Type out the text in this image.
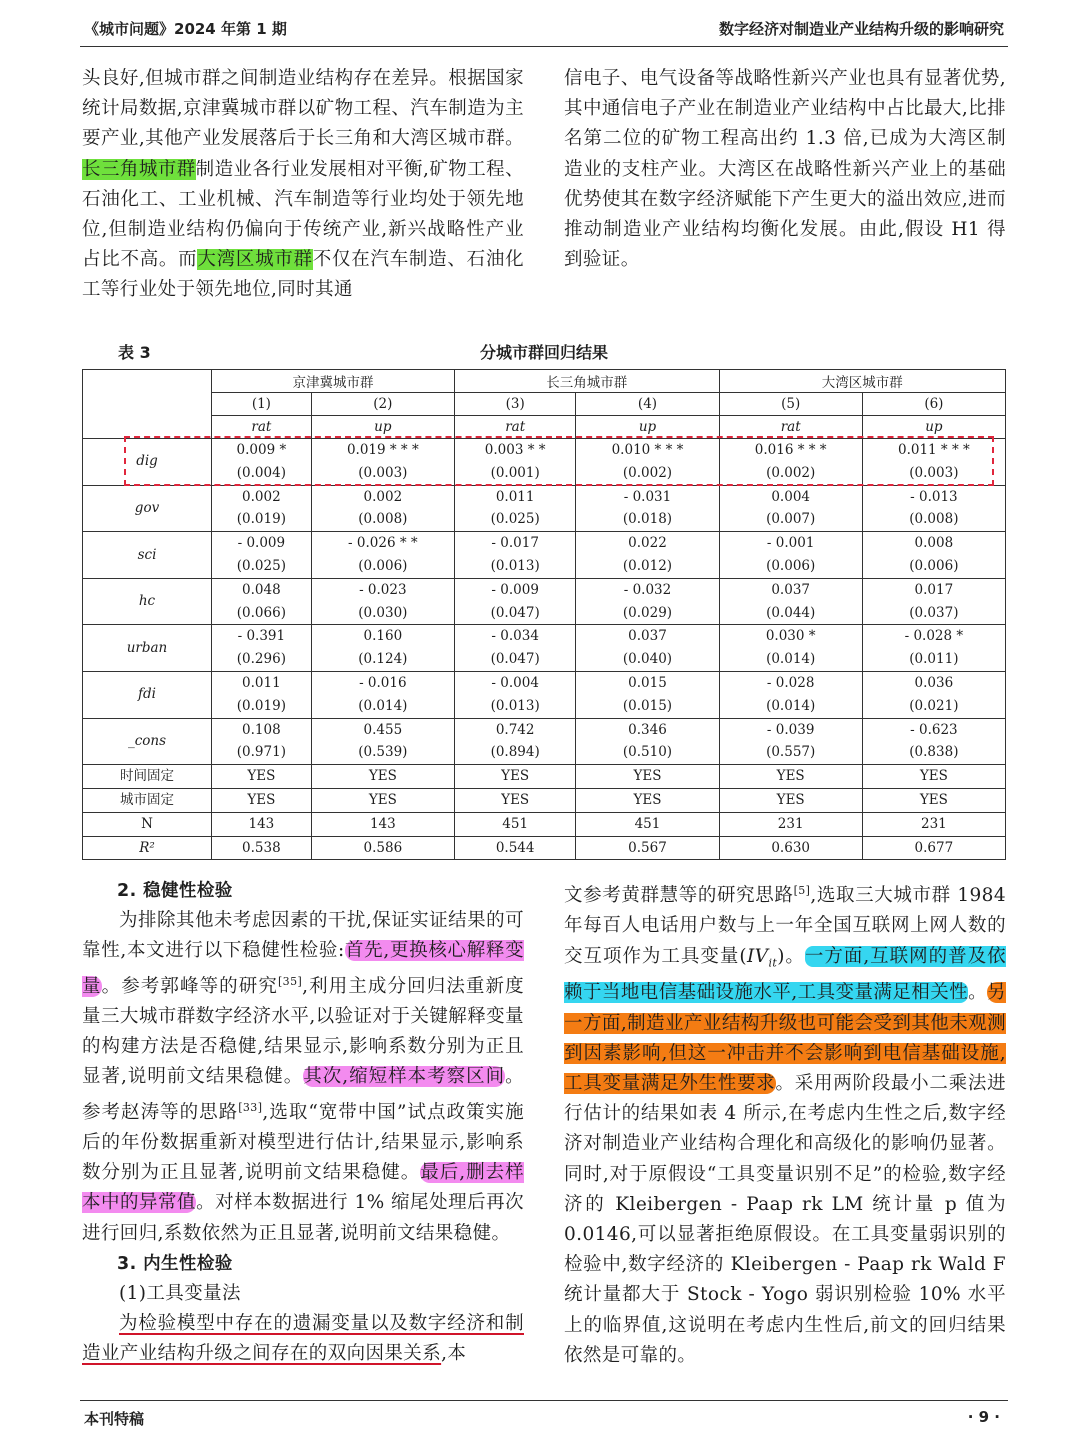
《城市问题》2024 年第 1 期	数字经济对制造业产业结构升级的影响研究

头良好,但城市群之间制造业结构存在差异。根据国家统计局数据,京津冀城市群以矿物工程、汽车制造为主要产业,其他产业发展落后于长三角和大湾区城市群。长三角城市群制造业各行业发展相对平衡,矿物工程、石油化工、工业机械、汽车制造等行业均处于领先地位,但制造业结构仍偏向于传统产业,新兴战略性产业占比不高。而大湾区城市群不仅在汽车制造、石油化工等行业处于领先地位,同时其通

信电子、电气设备等战略性新兴产业也具有显著优势,其中通信电子产业在制造业产业结构中占比最大,比排名第二位的矿物工程高出约 1.3 倍,已成为大湾区制造业的支柱产业。大湾区在战略性新兴产业上的基础优势使其在数字经济赋能下产生更大的溢出效应,进而推动制造业产业结构均衡化发展。由此,假设 H1 得到验证。

表 3	分城市群回归结果
	京津冀城市群		长三角城市群		大湾区城市群	
	(1)	(2)	(3)	(4)	(5)	(6)
	rat	up	rat	up	rat	up
dig	0.009 *	0.019 * * *	0.003 * *	0.010 * * *	0.016 * * *	0.011 * * *
	(0.004)	(0.003)	(0.001)	(0.002)	(0.002)	(0.003)
gov	0.002	0.002	0.011	- 0.031	0.004	- 0.013
	(0.019)	(0.008)	(0.025)	(0.018)	(0.007)	(0.008)
sci	- 0.009	- 0.026 * *	- 0.017	0.022	- 0.001	0.008
	(0.025)	(0.006)	(0.013)	(0.012)	(0.006)	(0.006)
hc	0.048	- 0.023	- 0.009	- 0.032	0.037	0.017
	(0.066)	(0.030)	(0.047)	(0.029)	(0.044)	(0.037)
urban	- 0.391	0.160	- 0.034	0.037	0.030 *	- 0.028 *
	(0.296)	(0.124)	(0.047)	(0.040)	(0.014)	(0.011)
fdi	0.011	- 0.016	- 0.004	0.015	- 0.028	0.036
	(0.019)	(0.014)	(0.013)	(0.015)	(0.014)	(0.021)
_cons	0.108	0.455	0.742	0.346	- 0.039	- 0.623
	(0.971)	(0.539)	(0.894)	(0.510)	(0.557)	(0.838)
时间固定	YES	YES	YES	YES	YES	YES
城市固定	YES	YES	YES	YES	YES	YES
N	143	143	451	451	231	231
R²	0.538	0.586	0.544	0.567	0.630	0.677

2. 稳健性检验

为排除其他未考虑因素的干扰,保证实证结果的可靠性,本文进行以下稳健性检验:首先,更换核心解释变量。参考郭峰等的研究[35],利用主成分回归法重新度量三大城市群数字经济水平,以验证对于关键解释变量的构建方法是否稳健,结果显示,影响系数分别为正且显著,说明前文结果稳健。其次,缩短样本考察区间。参考赵涛等的思路[33],选取“宽带中国”试点政策实施后的年份数据重新对模型进行估计,结果显示,影响系数分别为正且显著,说明前文结果稳健。最后,删去样本中的异常值。对样本数据进行 1% 缩尾处理后再次进行回归,系数依然为正且显著,说明前文结果稳健。

3. 内生性检验

(1)工具变量法

为检验模型中存在的遗漏变量以及数字经济和制造业产业结构升级之间存在的双向因果关系,本

文参考黄群慧等的研究思路[5],选取三大城市群 1984 年每百人电话用户数与上一年全国互联网上网人数的交互项作为工具变量$(IV_{it})$。一方面,互联网的普及依赖于当地电信基础设施水平,工具变量满足相关性。另一方面,制造业产业结构升级也可能会受到其他未观测到因素影响,但这一冲击并不会影响到电信基础设施,工具变量满足外生性要求。采用两阶段最小二乘法进行估计的结果如表 4 所示,在考虑内生性之后,数字经济对制造业产业结构合理化和高级化的影响仍显著。同时,对于原假设“工具变量识别不足”的检验,数字经济的 Kleibergen - Paap rk LM 统计量 p 值为 0.0146,可以显著拒绝原假设。在工具变量弱识别的检验中,数字经济的 Kleibergen - Paap rk Wald F 统计量都大于 Stock - Yogo 弱识别检验 10% 水平上的临界值,这说明在考虑内生性后,前文的回归结果依然是可靠的。

本刊特稿	· 9 ·
